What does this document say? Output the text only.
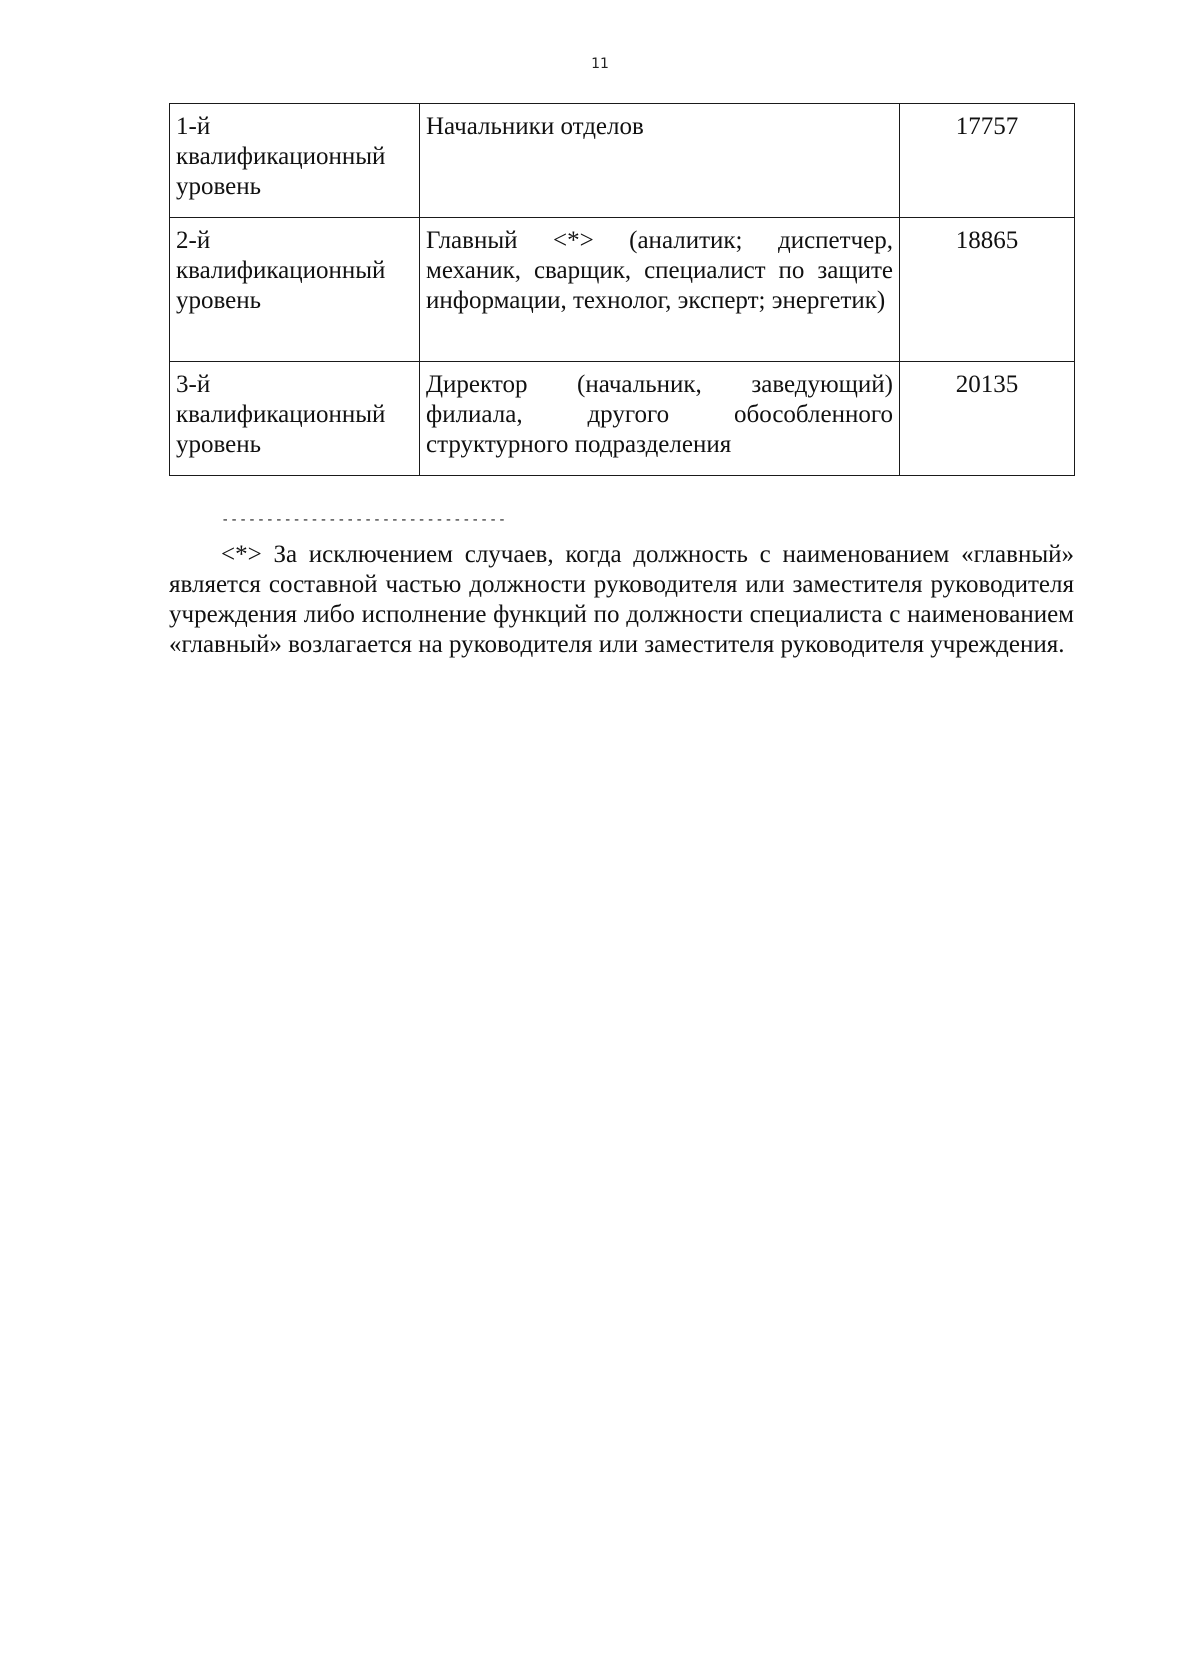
11
1-й квалификационный уровень	Начальники отделов	17757
2-й квалификационный уровень	Главный <*> (аналитик; диспетчер, механик, сварщик, специалист по защите информации, технолог, эксперт; энергетик)	18865
3-й квалификационный уровень	Директор (начальник, заведующий) филиала, другого обособленного структурного подразделения	20135
--------------------------------

<*> За исключением случаев, когда должность с наименованием «главный» является составной частью должности руководителя или заместителя руководителя учреждения либо исполнение функций по должности специалиста с наименованием «главный» возлагается на руководителя или заместителя руководителя учреждения.
